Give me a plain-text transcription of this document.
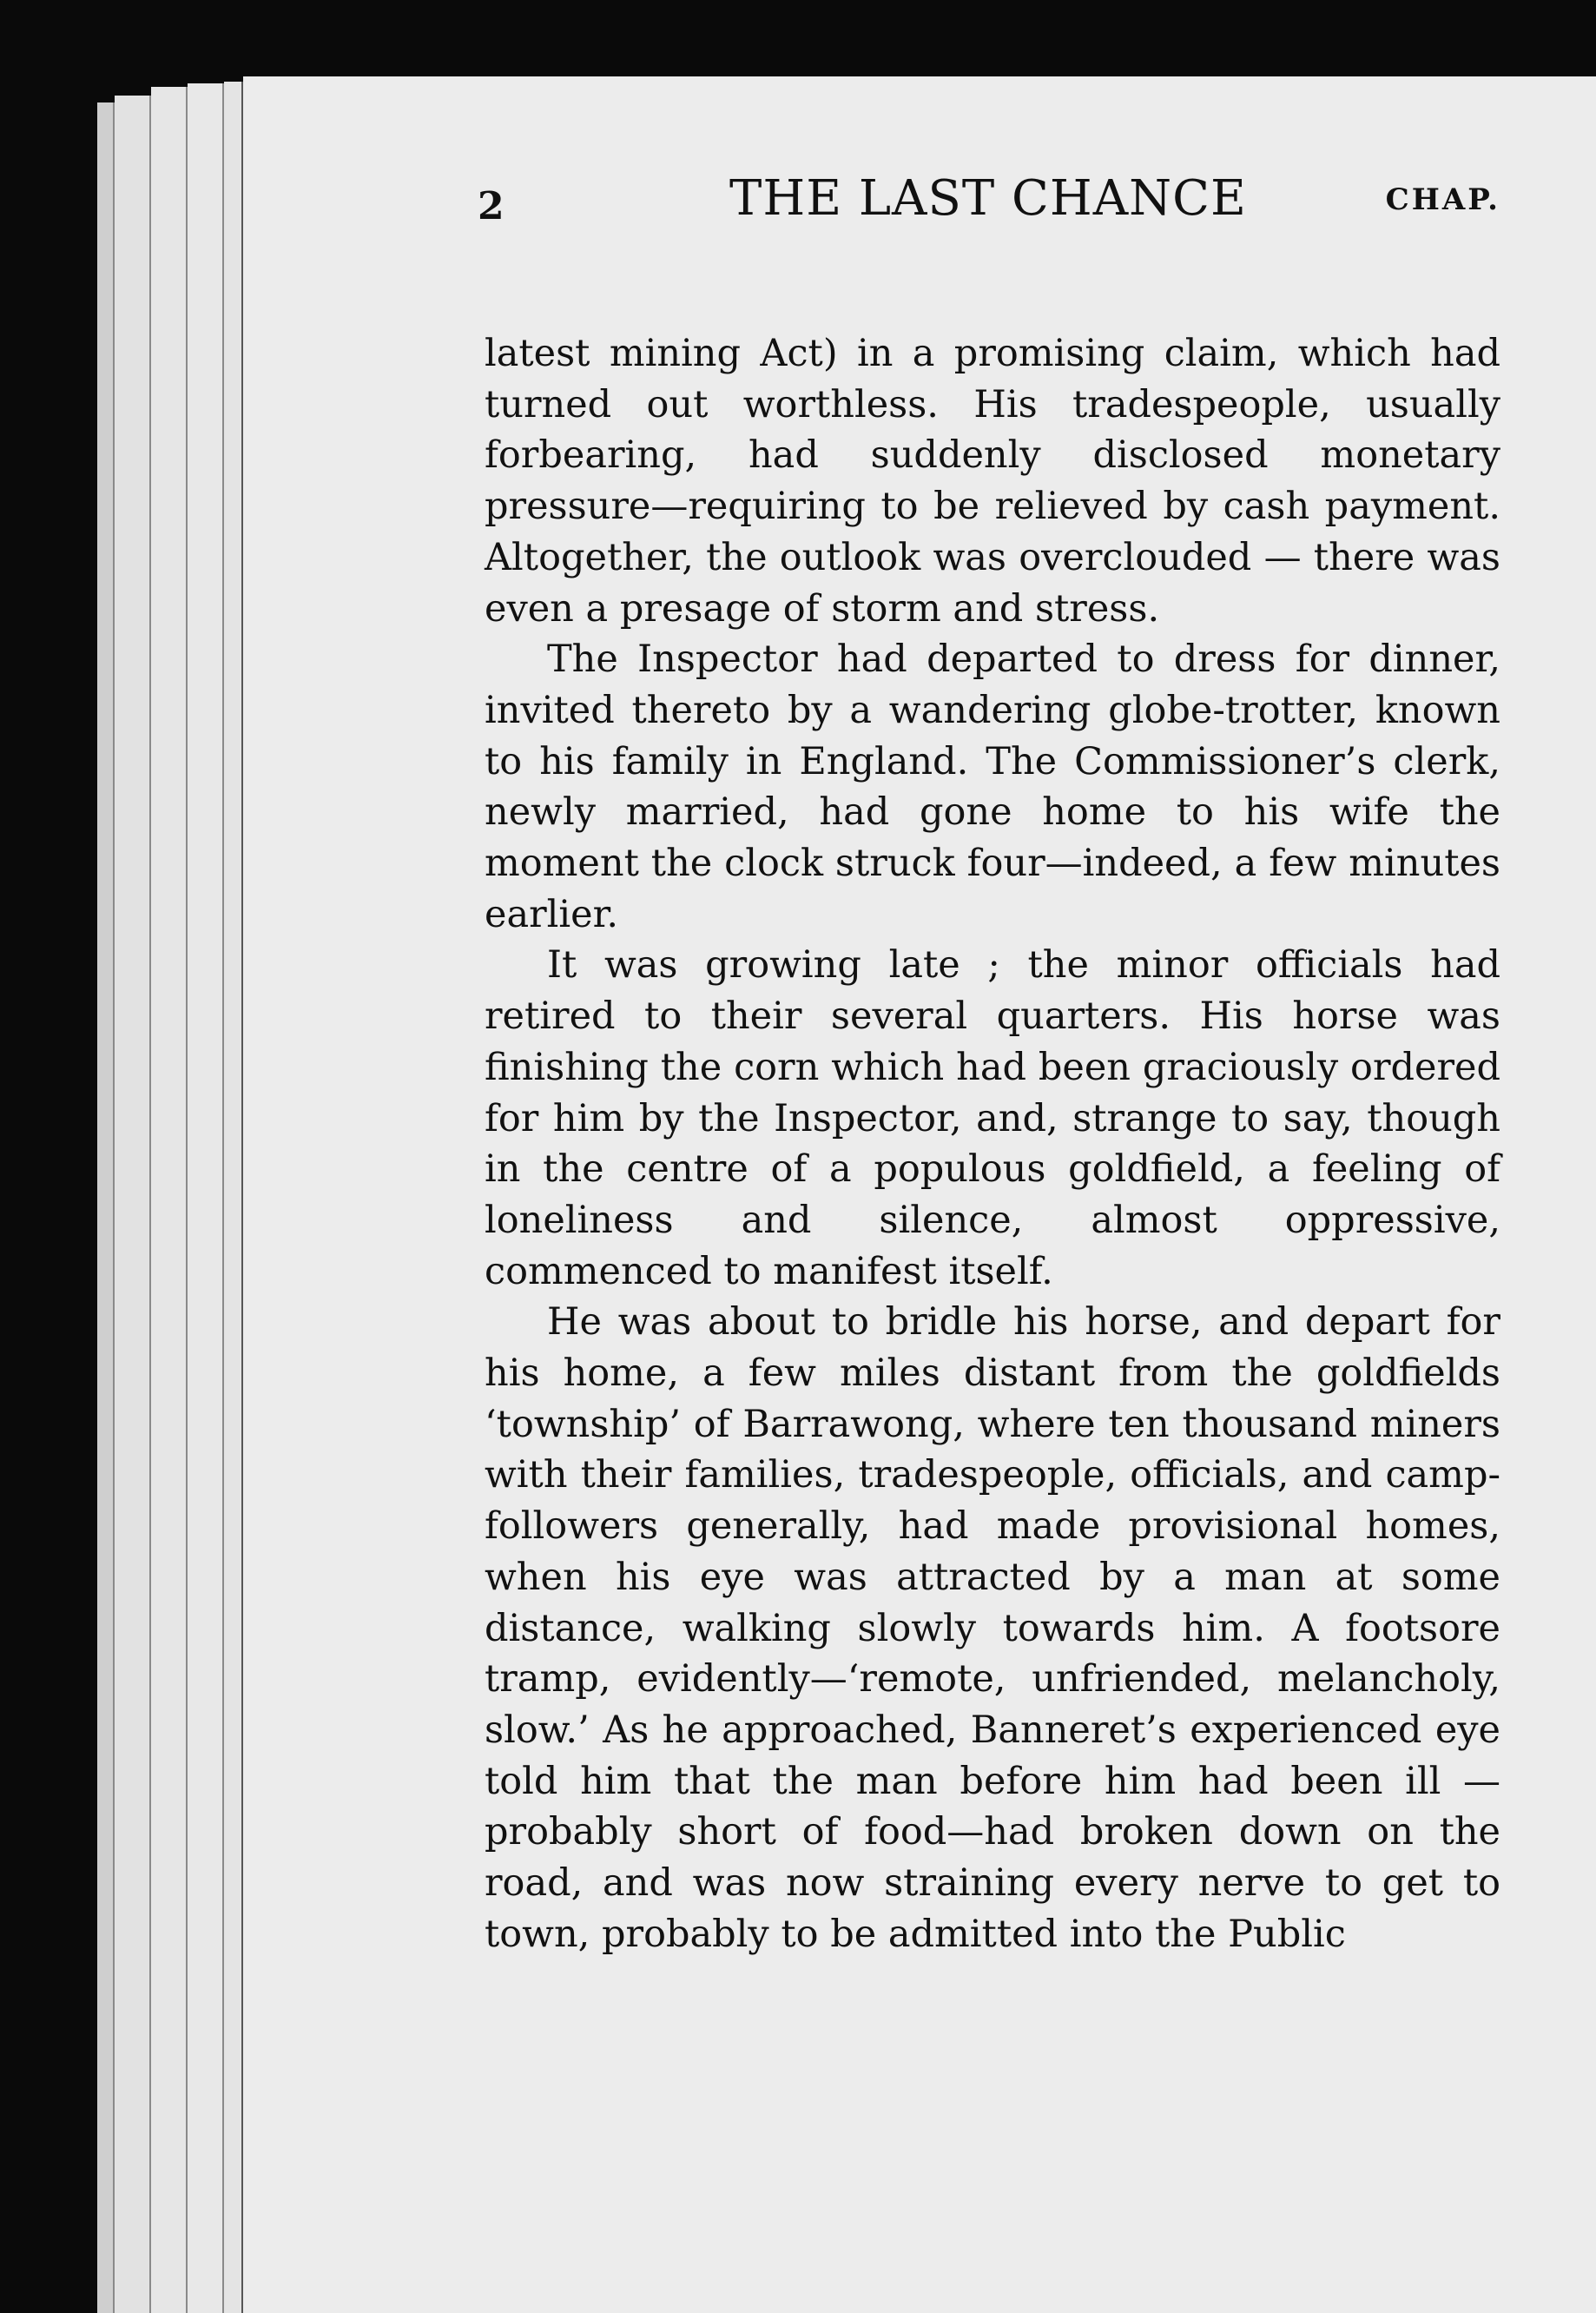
2	THE LAST CHANCE	CHAP.

latest mining Act) in a promising claim, which had turned out worthless. His tradespeople, usually forbearing, had suddenly disclosed monetary pressure—requiring to be relieved by cash payment. Altogether, the outlook was overclouded — there was even a presage of storm and stress.

The Inspector had departed to dress for dinner, invited thereto by a wandering globe-trotter, known to his family in England. The Commissioner’s clerk, newly married, had gone home to his wife the moment the clock struck four—indeed, a few minutes earlier.

It was growing late ; the minor officials had retired to their several quarters. His horse was finishing the corn which had been graciously ordered for him by the Inspector, and, strange to say, though in the centre of a populous goldfield, a feeling of loneliness and silence, almost oppressive, commenced to manifest itself.

He was about to bridle his horse, and depart for his home, a few miles distant from the goldfields ‘township’ of Barrawong, where ten thousand miners with their families, tradespeople, officials, and camp-followers generally, had made provisional homes, when his eye was attracted by a man at some distance, walking slowly towards him. A footsore tramp, evidently—‘remote, unfriended, melancholy, slow.’ As he approached, Banneret’s experienced eye told him that the man before him had been ill —probably short of food—had broken down on the road, and was now straining every nerve to get to town, probably to be admitted into the Public
